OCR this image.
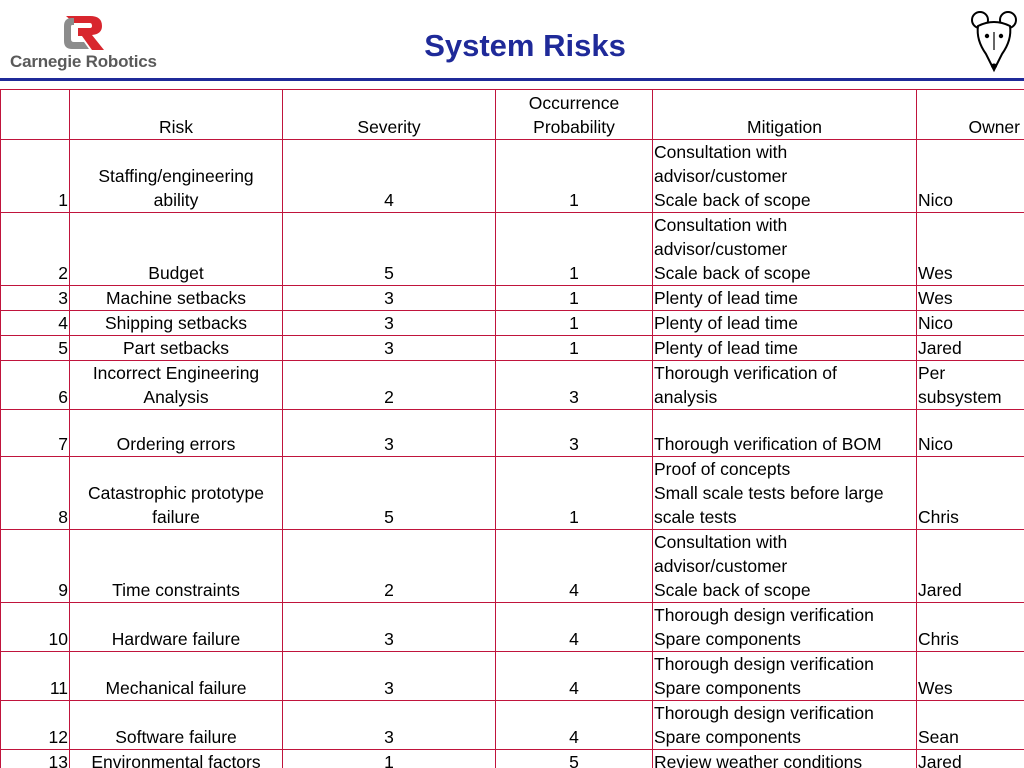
Carnegie Robotics	System Risks
	Risk	Severity	Occurrence
Probability	Mitigation	Owner
1	Staffing/engineering
ability	4	1	Consultation with
advisor/customer
Scale back of scope	Nico

2	Budget	5	1	Consultation with
advisor/customer
Scale back of scope	Wes

3	Machine setbacks	3	1	Plenty of lead time	Wes

4	Shipping setbacks	3	1	Plenty of lead time	Nico

5	Part setbacks	3	1	Plenty of lead time	Jared

6	Incorrect Engineering
Analysis	2	3	Thorough verification of
analysis	Per
subsystem

7	Ordering errors	3	3	Thorough verification of BOM	Nico

8	Catastrophic prototype
failure	5	1	Proof of concepts
Small scale tests before large
scale tests	Chris

9	Time constraints	2	4	Consultation with
advisor/customer
Scale back of scope	Jared

10	Hardware failure	3	4	Thorough design verification
Spare components	Chris

11	Mechanical failure	3	4	Thorough design verification
Spare components	Wes

12	Software failure	3	4	Thorough design verification
Spare components	Sean

13	Environmental factors	1	5	Review weather conditions	Jared
